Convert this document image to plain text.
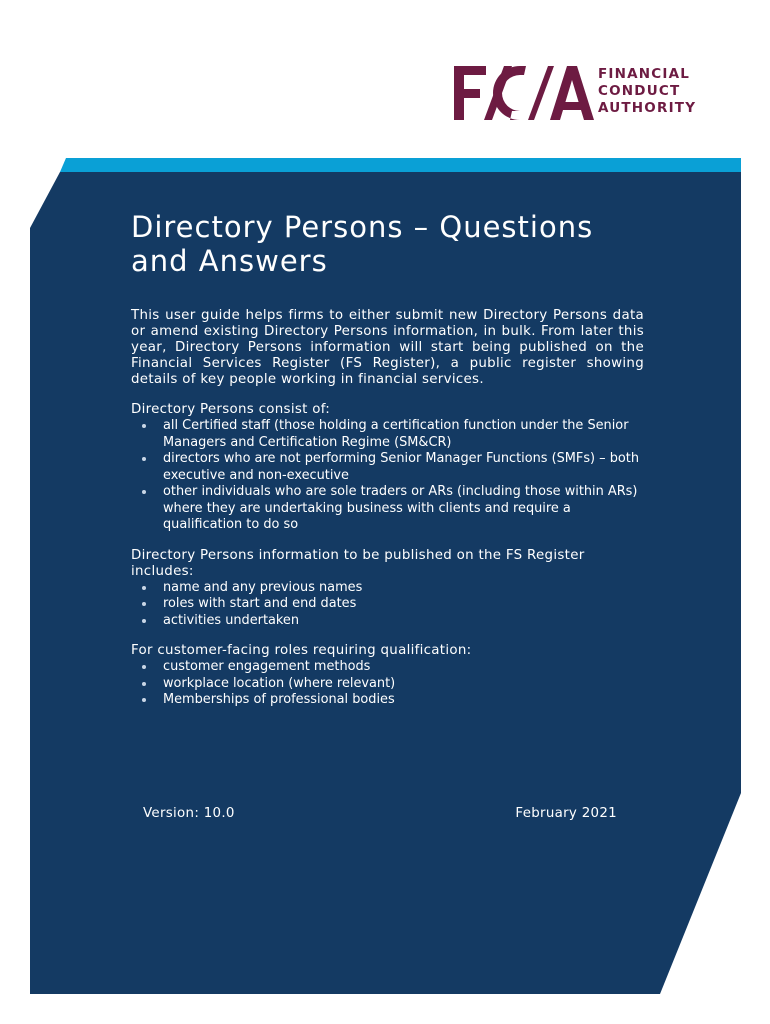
FINANCIAL
CONDUCT
AUTHORITY
Directory Persons – Questions and Answers
This user guide helps firms to either submit new Directory Persons data or amend existing Directory Persons information, in bulk. From later this year, Directory Persons information will start being published on the Financial Services Register (FS Register), a public register showing details of key people working in financial services.
Directory Persons consist of:
all Certified staff (those holding a certification function under the Senior Managers and Certification Regime (SM&CR)
directors who are not performing Senior Manager Functions (SMFs) – both executive and non-executive
other individuals who are sole traders or ARs (including those within ARs) where they are undertaking business with clients and require a qualification to do so
Directory Persons information to be published on the FS Register includes:
name and any previous names
roles with start and end dates
activities undertaken
For customer-facing roles requiring qualification:
customer engagement methods
workplace location (where relevant)
Memberships of professional bodies
Version: 10.0	February 2021
